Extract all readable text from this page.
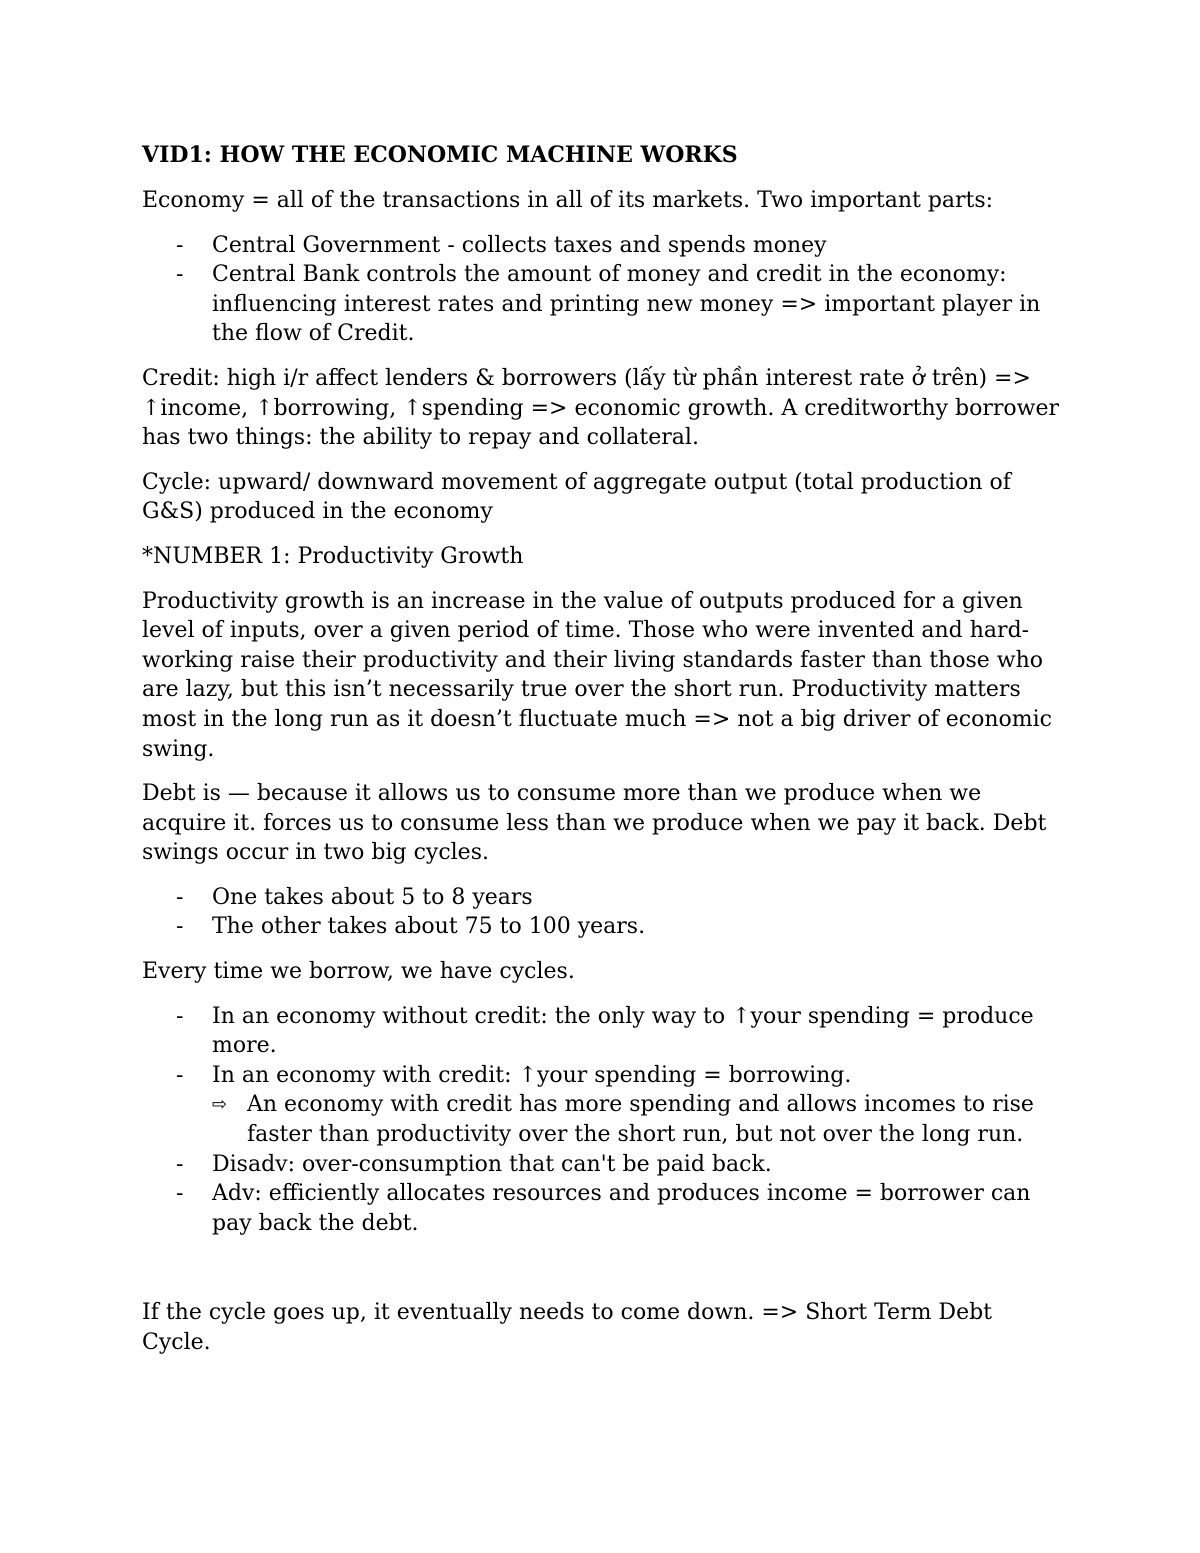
VID1: HOW THE ECONOMIC MACHINE WORKS

Economy = all of the transactions in all of its markets. Two important parts:

- Central Government - collects taxes and spends money
- Central Bank controls the amount of money and credit in the economy: influencing interest rates and printing new money => important player in the flow of Credit.

Credit: high i/r affect lenders & borrowers (lấy từ phần interest rate ở trên) => ↑income, ↑borrowing, ↑spending => economic growth. A creditworthy borrower has two things: the ability to repay and collateral.

Cycle: upward/ downward movement of aggregate output (total production of G&S) produced in the economy

*NUMBER 1: Productivity Growth

Productivity growth is an increase in the value of outputs produced for a given level of inputs, over a given period of time. Those who were invented and hard-working raise their productivity and their living standards faster than those who are lazy, but this isn’t necessarily true over the short run. Productivity matters most in the long run as it doesn’t fluctuate much => not a big driver of economic swing.

Debt is — because it allows us to consume more than we produce when we acquire it. forces us to consume less than we produce when we pay it back. Debt swings occur in two big cycles.

- One takes about 5 to 8 years
- The other takes about 75 to 100 years.

Every time we borrow, we have cycles.

- In an economy without credit: the only way to ↑your spending = produce more.
- In an economy with credit: ↑your spending = borrowing.
⇨ An economy with credit has more spending and allows incomes to rise faster than productivity over the short run, but not over the long run.
- Disadv: over-consumption that can't be paid back.
- Adv: efficiently allocates resources and produces income = borrower can pay back the debt.

If the cycle goes up, it eventually needs to come down. => Short Term Debt Cycle.
